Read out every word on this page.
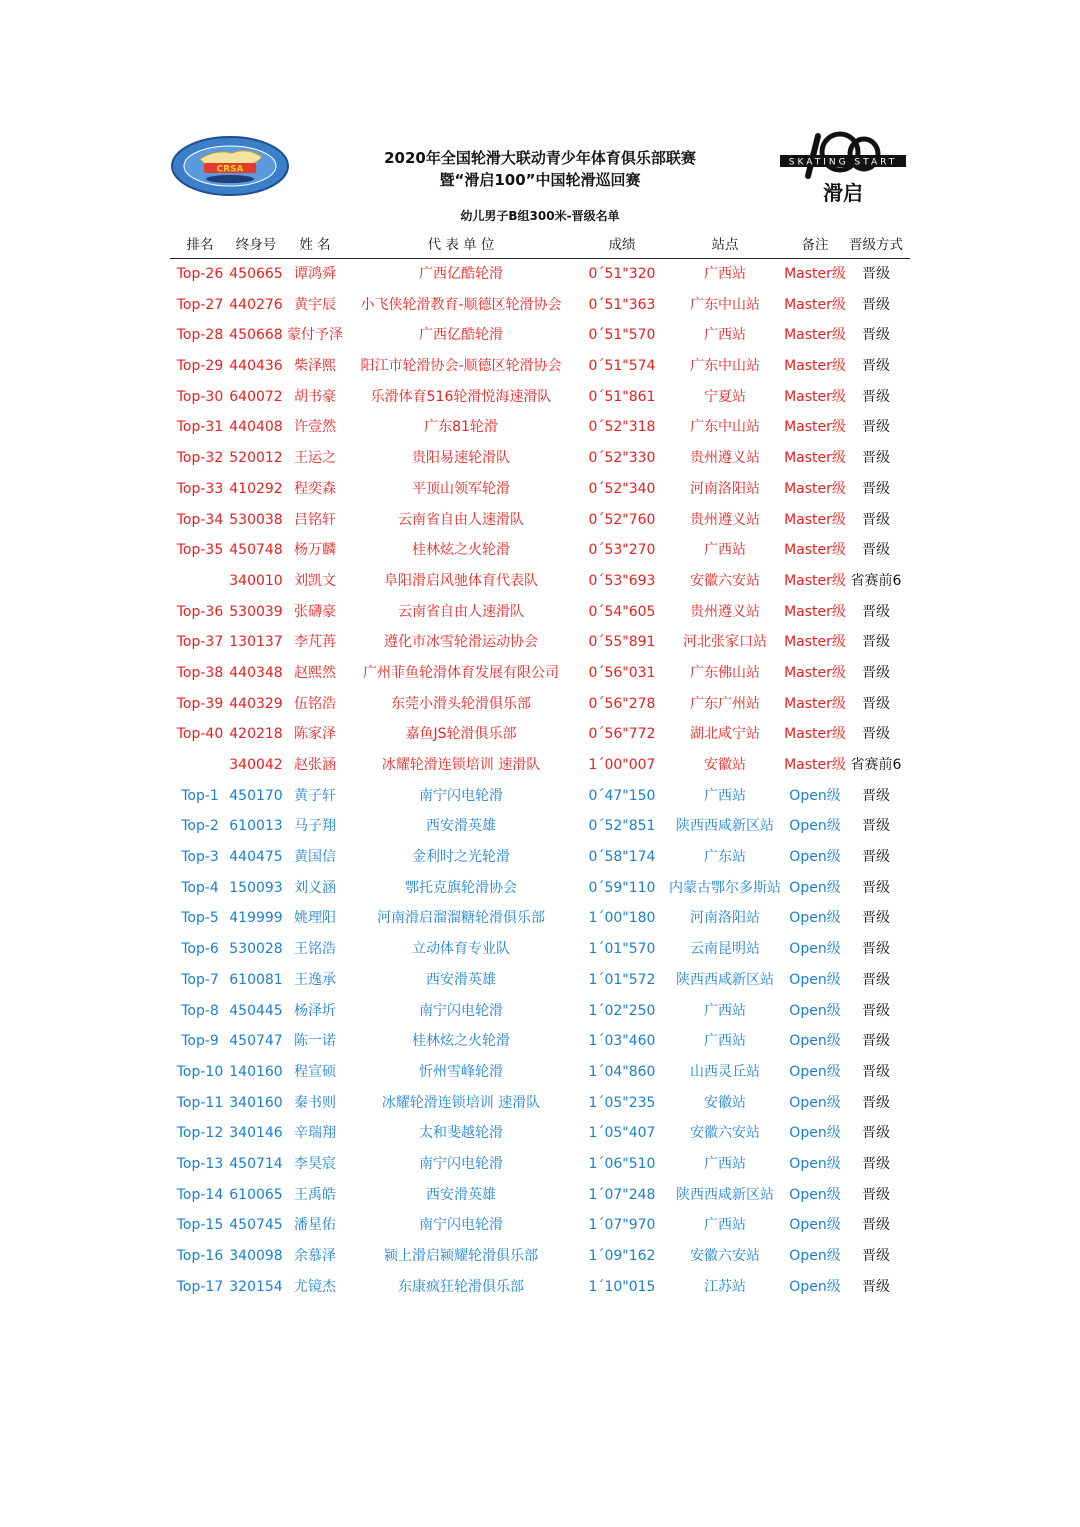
CRSA
SKATING START
滑启
2020年全国轮滑大联动青少年体育俱乐部联赛
暨“滑启100”中国轮滑巡回赛
幼儿男子B组300米-晋级名单
排名	终身号	姓 名	代 表 单 位	成绩	站点	备注	晋级方式
Top-26 450665 谭鸿舜	广西亿酷轮滑	0´51"320	广西站	Master级	晋级
Top-27 440276 黄宇辰	小飞侠轮滑教育-顺德区轮滑协会	0´51"363	广东中山站	Master级	晋级
Top-28 450668 蒙付予泽	广西亿酷轮滑	0´51"570	广西站	Master级	晋级
Top-29 440436 柴泽熙	阳江市轮滑协会-顺德区轮滑协会	0´51"574	广东中山站	Master级	晋级
Top-30 640072 胡书豪	乐滑体育516轮滑悦海速滑队	0´51"861	宁夏站	Master级	晋级
Top-31 440408 许壹然	广东81轮滑	0´52"318	广东中山站	Master级	晋级
Top-32 520012 王运之	贵阳易速轮滑队	0´52"330	贵州遵义站	Master级	晋级
Top-33 410292 程奕森	平顶山领军轮滑	0´52"340	河南洛阳站	Master级	晋级
Top-34 530038 吕铭轩	云南省自由人速滑队	0´52"760	贵州遵义站	Master级	晋级
Top-35 450748 杨万麟	桂林炫之火轮滑	0´53"270	广西站	Master级	晋级
340010 刘凯文	阜阳滑启风驰体育代表队	0´53"693	安徽六安站	Master级 省赛前6
Top-36 530039 张礴豪	云南省自由人速滑队	0´54"605	贵州遵义站	Master级	晋级
Top-37 130137 李芃苒	遵化市冰雪轮滑运动协会	0´55"891	河北张家口站	Master级	晋级
Top-38 440348 赵熙然	广州菲鱼轮滑体育发展有限公司	0´56"031	广东佛山站	Master级	晋级
Top-39 440329 伍铭浩	东莞小滑头轮滑俱乐部	0´56"278	广东广州站	Master级	晋级
Top-40 420218 陈家泽	嘉鱼JS轮滑俱乐部	0´56"772	湖北咸宁站	Master级	晋级
340042 赵张涵	冰耀轮滑连锁培训 速滑队	1´00"007	安徽站	Master级 省赛前6
Top-1 450170 黄子轩	南宁闪电轮滑	0´47"150	广西站	Open级	晋级
Top-2 610013 马子翔	西安滑英雄	0´52"851	陕西西咸新区站	Open级	晋级
Top-3 440475 黄国信	金利时之光轮滑	0´58"174	广东站	Open级	晋级
Top-4 150093 刘义涵	鄂托克旗轮滑协会	0´59"110 内蒙古鄂尔多斯站 Open级	晋级
Top-5 419999 姚理阳	河南滑启溜溜糖轮滑俱乐部	1´00"180	河南洛阳站	Open级	晋级
Top-6 530028 王铭浩	立动体育专业队	1´01"570	云南昆明站	Open级	晋级
Top-7 610081 王逸承	西安滑英雄	1´01"572	陕西西咸新区站	Open级	晋级
Top-8 450445 杨泽圻	南宁闪电轮滑	1´02"250	广西站	Open级	晋级
Top-9 450747 陈一诺	桂林炫之火轮滑	1´03"460	广西站	Open级	晋级
Top-10 140160 程宣硕	忻州雪峰轮滑	1´04"860	山西灵丘站	Open级	晋级
Top-11 340160 秦书则	冰耀轮滑连锁培训 速滑队	1´05"235	安徽站	Open级	晋级
Top-12 340146 辛瑞翔	太和斐越轮滑	1´05"407	安徽六安站	Open级	晋级
Top-13 450714 李昊宸	南宁闪电轮滑	1´06"510	广西站	Open级	晋级
Top-14 610065 王禹皓	西安滑英雄	1´07"248	陕西西咸新区站	Open级	晋级
Top-15 450745 潘星佑	南宁闪电轮滑	1´07"970	广西站	Open级	晋级
Top-16 340098 余慕泽	颍上滑启颍耀轮滑俱乐部	1´09"162	安徽六安站	Open级	晋级
Top-17 320154 尤镜杰	东康疯狂轮滑俱乐部	1´10"015	江苏站	Open级	晋级
